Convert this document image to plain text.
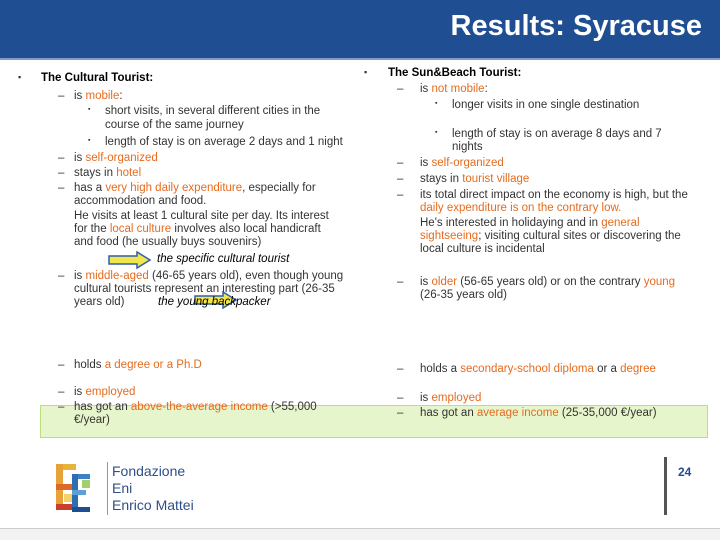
Results: Syracuse
▪ The Cultural Tourist:
– is mobile:
▪ short visits, in several different cities in the
course of the same journey
▪ length of stay is on average 2 days and 1 night
– is self-organized
– stays in hotel
– has a very high daily expenditure, especially for
accommodation and food.
He visits at least 1 cultural site per day. Its interest
for the local culture involves also local handicraft
and food (he usually buys souvenirs)
the specific cultural tourist
– is middle-aged (46-65 years old), even though young
cultural tourists represent an interesting part (26-35
years old)	the young backpacker
– holds a degree or a Ph.D
– is employed
– has got an above-the-average income (>55,000
€/year)
▪ The Sun&Beach Tourist:
– is not mobile:
▪ longer visits in one single destination
▪ length of stay is on average 8 days and 7
nights
– is self-organized
– stays in tourist village
– its total direct impact on the economy is high, but the
daily expenditure is on the contrary low.
He's interested in holidaying and in general
sightseeing; visiting cultural sites or discovering the
local culture is incidental
– is older (56-65 years old) or on the contrary young
(26-35 years old)
– holds a secondary-school diploma or a degree
– is employed
– has got an average income (25-35,000 €/year)
Fondazione
Eni
Enrico Mattei
24
